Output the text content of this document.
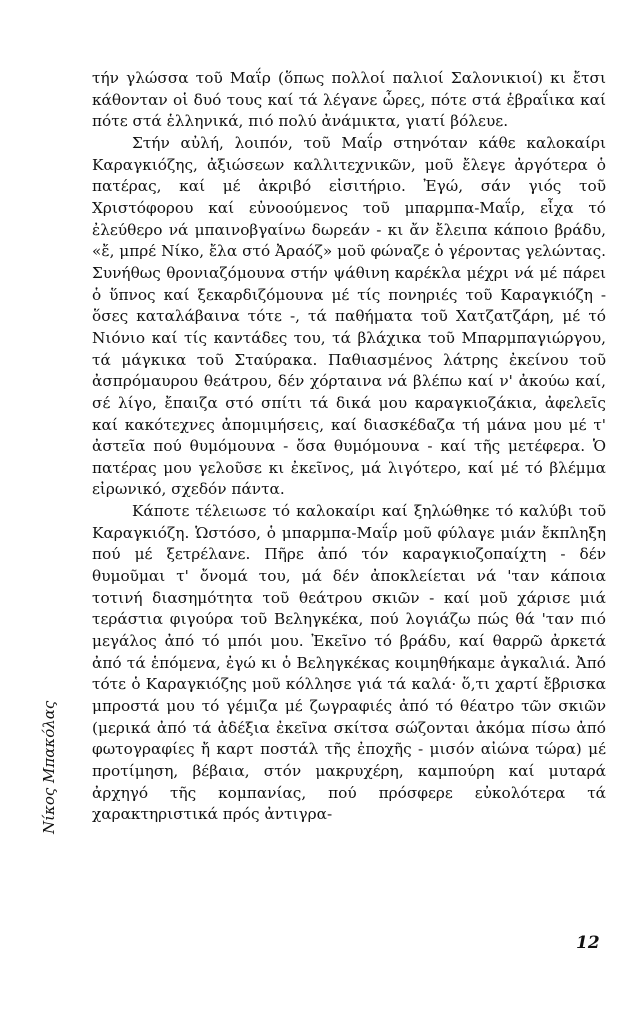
τήν γλώσσα τοῦ Μαΐρ (ὅπως πολλοί παλιοί Σαλονικιοί) κι ἔτσι κάθονταν οἱ δυό τους καί τά λέγανε ὧρες, πότε στά ἑβραΐικα καί πότε στά ἑλληνικά, πιό πολύ ἀνάμικτα, γιατί βόλευε.

Στήν αὐλή, λοιπόν, τοῦ Μαΐρ στηνόταν κάθε καλοκαίρι Καραγκιόζης, ἀξιώσεων καλλιτεχνικῶν, μοῦ ἔλεγε ἀργότερα ὁ πατέρας, καί μέ ἀκριβό εἰσιτήριο. Ἐγώ, σάν γιός τοῦ Χριστόφορου καί εὐνοούμενος τοῦ μπαρμπα-Μαΐρ, εἶχα τό ἐλεύθερο νά μπαινοβγαίνω δωρεάν - κι ἄν ἔλειπα κάποιο βράδυ, «ἔ, μπρέ Νίκο, ἔλα στό Ἀραόζ» μοῦ φώναζε ὁ γέροντας γελώντας. Συνήθως θρονιαζόμουνα στήν ψάθινη καρέκλα μέχρι νά μέ πάρει ὁ ὕπνος καί ξεκαρδιζόμουνα μέ τίς πονηριές τοῦ Καραγκιόζη - ὅσες καταλάβαινα τότε -, τά παθήματα τοῦ Χατζατζάρη, μέ τό Νιόνιο καί τίς καντάδες του, τά βλάχικα τοῦ Μπαρμπαγιώργου, τά μάγκικα τοῦ Σταύρακα. Παθιασμένος λάτρης ἐκείνου τοῦ ἀσπρόμαυρου θεάτρου, δέν χόρταινα νά βλέπω καί ν' ἀκούω καί, σέ λίγο, ἔπαιζα στό σπίτι τά δικά μου καραγκιοζάκια, ἀφελεῖς καί κακότεχνες ἀπομιμήσεις, καί διασκέδαζα τή μάνα μου μέ τ' ἀστεῖα πού θυμόμουνα - ὅσα θυμόμουνα - καί τῆς μετέφερα. Ὁ πατέρας μου γελοῦσε κι ἐκεῖνος, μά λιγότερο, καί μέ τό βλέμμα εἰρωνικό, σχεδόν πάντα.

Κάποτε τέλειωσε τό καλοκαίρι καί ξηλώθηκε τό καλύβι τοῦ Καραγκιόζη. Ὡστόσο, ὁ μπαρμπα-Μαΐρ μοῦ φύλαγε μιάν ἔκπληξη πού μέ ξετρέλανε. Πῆρε ἀπό τόν καραγκιοζοπαίχτη - δέν θυμοῦμαι τ' ὄνομά του, μά δέν ἀποκλείεται νά 'ταν κάποια τοτινή διασημότητα τοῦ θεάτρου σκιῶν - καί μοῦ χάρισε μιά τεράστια φιγούρα τοῦ Βεληγκέκα, πού λογιάζω πώς θά 'ταν πιό μεγάλος ἀπό τό μπόι μου. Ἐκεῖνο τό βράδυ, καί θαρρῶ ἀρκετά ἀπό τά ἑπόμενα, ἐγώ κι ὁ Βεληγκέκας κοιμηθήκαμε ἀγκαλιά. Ἀπό τότε ὁ Καραγκιόζης μοῦ κόλλησε γιά τά καλά· ὅ,τι χαρτί ἔβρισκα μπροστά μου τό γέμιζα μέ ζωγραφιές ἀπό τό θέατρο τῶν σκιῶν (μερικά ἀπό τά ἀδέξια ἐκεῖνα σκίτσα σώζονται ἀκόμα πίσω ἀπό φωτογραφίες ἤ καρτ ποστάλ τῆς ἐποχῆς - μισόν αἰώνα τώρα) μέ προτίμηση, βέβαια, στόν μακρυχέρη, καμπούρη καί μυταρά ἀρχηγό τῆς κομπανίας, πού πρόσφερε εὐκολότερα τά χαρακτηριστικά πρός ἀντιγρα-

Νίκος Μπακόλας
12
